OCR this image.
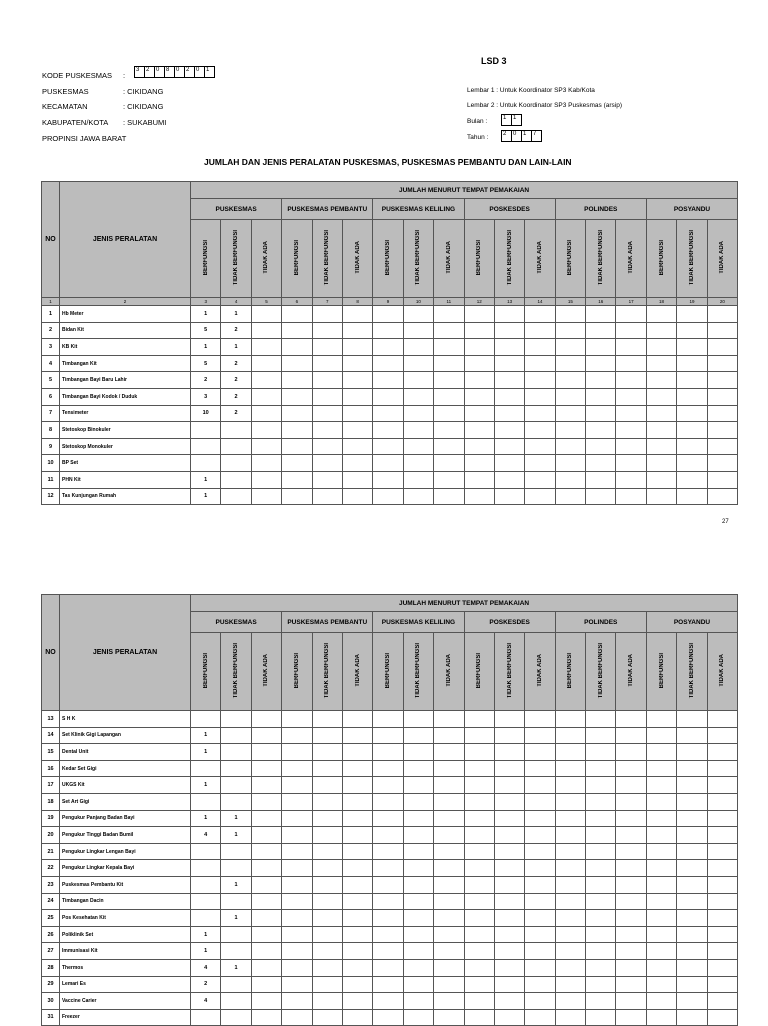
LSD 3
KODE PUSKESMAS :
3	2	0	8	0	2	0	1
PUSKESMAS	: CIKIDANG
KECAMATAN	: CIKIDANG
KABUPATEN/KOTA : SUKABUMI
PROPINSI JAWA BARAT
Lembar 1 : Untuk Koordinator SP3 Kab/Kota
Lembar 2 : Untuk Koordinator SP3 Puskesmas (arsip)
Bulan :	1	1
Tahun :	2	0	1	7
JUMLAH DAN JENIS PERALATAN PUSKESMAS, PUSKESMAS PEMBANTU DAN LAIN-LAIN
NO	JENIS PERALATAN	JUMLAH MENURUT TEMPAT PEMAKAIAN																	
		PUSKESMAS			PUSKESMAS PEMBANTU			PUSKESMAS KELILING			POSKESDES			POLINDES			POSYANDU		
		BERFUNGSI	TIDAK BERFUNGSI	TIDAK ADA	BERFUNGSI	TIDAK BERFUNGSI	TIDAK ADA	BERFUNGSI	TIDAK BERFUNGSI	TIDAK ADA	BERFUNGSI	TIDAK BERFUNGSI	TIDAK ADA	BERFUNGSI	TIDAK BERFUNGSI	TIDAK ADA	BERFUNGSI	TIDAK BERFUNGSI	TIDAK ADA
1	2	3	4	5	6	7	8	9	10	11	12	13	14	15	16	17	18	19	20
1	Hb Meter	1	1																
2	Bidan Kit	5	2																
3	KB Kit	1	1																
4	Timbangan Kit	5	2																
5	Timbangan Bayi Baru Lahir	2	2																
6	Timbangan Bayi Kodok / Duduk	3	2																
7	Tensimeter	10	2																
8	Stetoskop Binokuler																		
9	Stetoskop Monokuler																		
10	BP Set																		
11	PHN Kit	1																	
12	Tas Kunjungan Rumah	1																	
27
NO	JENIS PERALATAN	JUMLAH MENURUT TEMPAT PEMAKAIAN																	
		PUSKESMAS			PUSKESMAS PEMBANTU			PUSKESMAS KELILING			POSKESDES			POLINDES			POSYANDU		
		BERFUNGSI	TIDAK BERFUNGSI	TIDAK ADA	BERFUNGSI	TIDAK BERFUNGSI	TIDAK ADA	BERFUNGSI	TIDAK BERFUNGSI	TIDAK ADA	BERFUNGSI	TIDAK BERFUNGSI	TIDAK ADA	BERFUNGSI	TIDAK BERFUNGSI	TIDAK ADA	BERFUNGSI	TIDAK BERFUNGSI	TIDAK ADA
13	S H K																		
14	Set Klinik Gigi Lapangan	1																	
15	Dental Unit	1																	
16	Kedar Set Gigi																		
17	UKGS Kit	1																	
18	Set Art Gigi																		
19	Pengukur Panjang Badan Bayi	1	1																
20	Pengukur Tinggi Badan Bumil	4	1																
21	Pengukur Lingkar Lengan Bayi																		
22	Pengukur Lingkar Kepala Bayi																		
23	Puskesmas Pembantu Kit		1																
24	Timbangan Dacin																		
25	Pos Kesehatan Kit		1																
26	Poliklinik Set	1																	
27	Immunisasi Kit	1																	
28	Thermos	4	1																
29	Lemari Es	2																	
30	Vaccine Carier	4																	
31	Freezer																		
